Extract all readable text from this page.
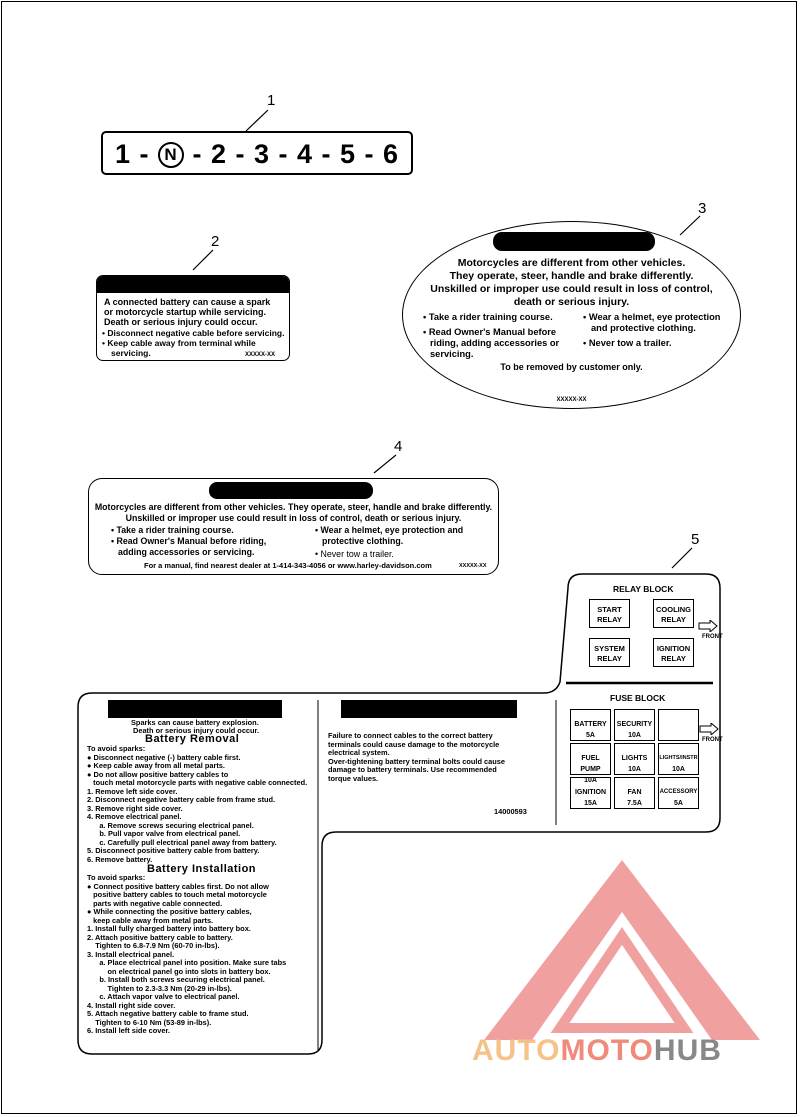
1
2
3
4
5
1 - N - 2 - 3 - 4 - 5 - 6
A connected battery can cause a spark
or motorcycle startup while servicing.
Death or serious injury could occur.
• Disconnect negative cable before servicing.
• Keep cable away from terminal while
servicing.	XXXXX-XX
Motorcycles are different from other vehicles.
They operate, steer, handle and brake differently.
Unskilled or improper use could result in loss of control,
death or serious injury.
• Take a rider training course.
• Read Owner's Manual before
riding, adding accessories or
servicing.
• Wear a helmet, eye protection
and protective clothing.
• Never tow a trailer.
To be removed by customer only.
XXXXX-XX
Motorcycles are different from other vehicles. They operate, steer, handle and brake differently.
Unskilled or improper use could result in loss of control, death or serious injury.
• Take a rider training course.
• Read Owner's Manual before riding,
adding accessories or servicing.
• Wear a helmet, eye protection and
protective clothing.
• Never tow a trailer.
For a manual, find nearest dealer at 1-414-343-4056 or www.harley-davidson.com	XXXXX-XX
RELAY BLOCK
START
RELAY
COOLING
RELAY
SYSTEM
RELAY
IGNITION
RELAY
FRONT
FUSE BLOCK
BATTERY
5A
SECURITY
10A
FUEL PUMP
10A
LIGHTS
10A
LIGHTS/INSTR
10A
IGNITION
15A
FAN
7.5A
ACCESSORY
5A
FRONT
Sparks can cause battery explosion.
Death or serious injury could occur.
Battery Removal
To avoid sparks:
● Disconnect negative (-) battery cable first.
● Keep cable away from all metal parts.
● Do not allow positive battery cables to
touch metal motorcycle parts with negative cable connected.
1. Remove left side cover.
2. Disconnect negative battery cable from frame stud.
3. Remove right side cover.
4. Remove electrical panel.
a. Remove screws securing electrical panel.
b. Pull vapor valve from electrical panel.
c. Carefully pull electrical panel away from battery.
5. Disconnect positive battery cable from battery.
6. Remove battery.
Battery Installation
To avoid sparks:
● Connect positive battery cables first. Do not allow
positive battery cables to touch metal motorcycle
parts with negative cable connected.
● While connecting the positive battery cables,
keep cable away from metal parts.
1. Install fully charged battery into battery box.
2. Attach positive battery cable to battery.
Tighten to 6.8-7.9 Nm (60-70 in-lbs).
3. Install electrical panel.
a. Place electrical panel into position. Make sure tabs
on electrical panel go into slots in battery box.
b. Install both screws securing electrical panel.
Tighten to 2.3-3.3 Nm (20-29 in-lbs).
c. Attach vapor valve to electrical panel.
4. Install right side cover.
5. Attach negative battery cable to frame stud.
Tighten to 6-10 Nm (53-89 in-lbs).
6. Install left side cover.
Failure to connect cables to the correct battery
terminals could cause damage to the motorcycle
electrical system.
Over-tightening battery terminal bolts could cause
damage to battery terminals. Use recommended
torque values.
14000593
AUTOMOTOHUB
